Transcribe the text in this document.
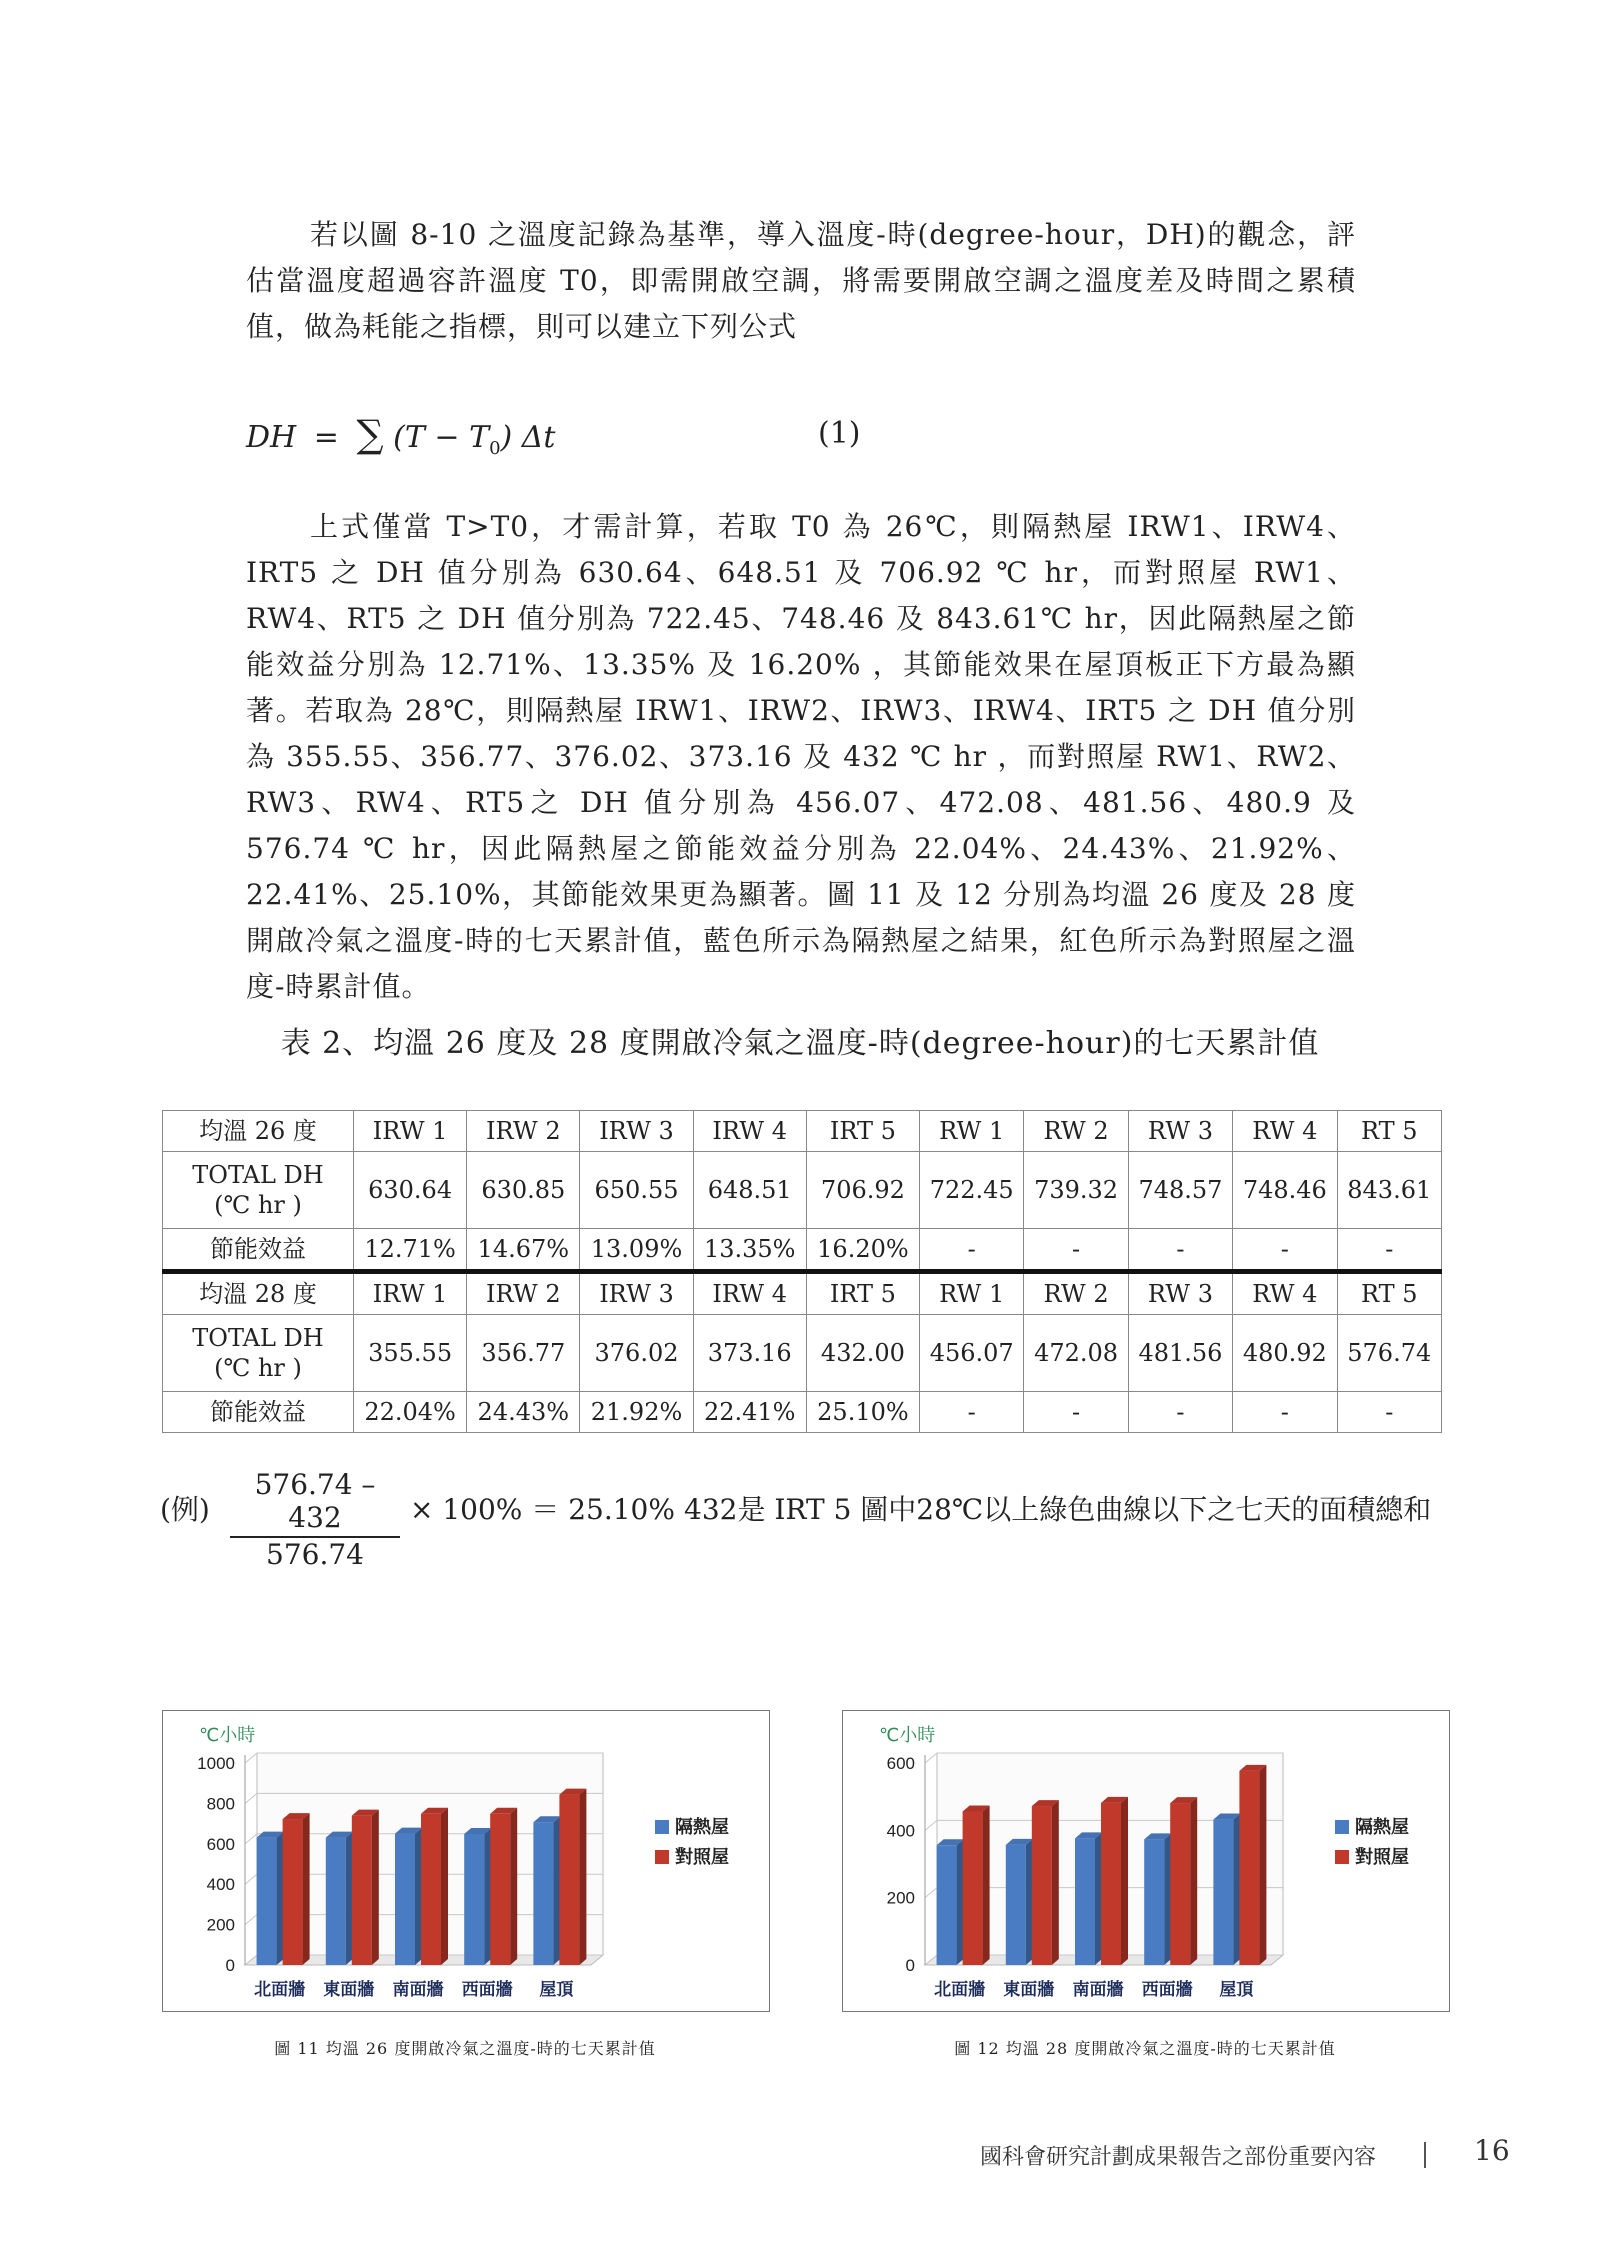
若以圖 8-10 之溫度記錄為基準，導入溫度-時(degree-hour，DH)的觀念，評估當溫度超過容許溫度 T0，即需開啟空調，將需要開啟空調之溫度差及時間之累積值，做為耗能之指標，則可以建立下列公式

DH = ∑ $(T - T_0)$ Δt	(1)

上式僅當 T>T0，才需計算，若取 T0 為 26℃，則隔熱屋 IRW1、IRW4、IRT5 之 DH 值分別為 630.64、648.51 及 706.92 ℃ hr，而對照屋 RW1、RW4、RT5 之 DH 值分別為 722.45、748.46 及 843.61℃ hr，因此隔熱屋之節能效益分別為 12.71%、13.35% 及 16.20% ，其節能效果在屋頂板正下方最為顯著。若取為 28℃，則隔熱屋 IRW1、IRW2、IRW3、IRW4、IRT5 之 DH 值分別為 355.55、356.77、376.02、373.16 及 432 ℃ hr ，而對照屋 RW1、RW2、RW3、RW4、RT5之 DH 值分別為 456.07、472.08、481.56、480.9 及 576.74 ℃ hr，因此隔熱屋之節能效益分別為 22.04%、24.43%、21.92%、22.41%、25.10%，其節能效果更為顯著。圖 11 及 12 分別為均溫 26 度及 28 度開啟冷氣之溫度-時的七天累計值，藍色所示為隔熱屋之結果，紅色所示為對照屋之溫度-時累計值。

表 2、均溫 26 度及 28 度開啟冷氣之溫度-時(degree-hour)的七天累計值
均溫 26 度	IRW 1	IRW 2	IRW 3	IRW 4	IRT 5	RW 1	RW 2	RW 3	RW 4	RT 5

TOTAL DH
(℃ hr )	630.64	630.85	650.55	648.51	706.92	722.45	739.32	748.57	748.46	843.61
節能效益	12.71%	14.67%	13.09%	13.35%	16.20%	-	-	-	-	-
均溫 28 度	IRW 1	IRW 2	IRW 3	IRW 4	IRT 5	RW 1	RW 2	RW 3	RW 4	RT 5

TOTAL DH
(℃ hr )	355.55	356.77	376.02	373.16	432.00	456.07	472.08	481.56	480.92	576.74
節能效益	22.04%	24.43%	21.92%	22.41%	25.10%	-	-	-	-	-
(例) $\frac{576.74 - 432}{576.74} \times 100\% = 25.10\%$ 432是 IRT 5 圖中28℃以上綠色曲線以下之七天的面積總和
0
200
400
600
800
1000
℃小時
北面牆 東面牆 南面牆 西面牆 屋頂
隔熱屋
對照屋
0
200
400
600
℃小時
北面牆 東面牆 南面牆 西面牆 屋頂
隔熱屋
對照屋
圖 11 均溫 26 度開啟冷氣之溫度-時的七天累計值	圖 12 均溫 28 度開啟冷氣之溫度-時的七天累計值
國科會研究計劃成果報告之部份重要內容	16
